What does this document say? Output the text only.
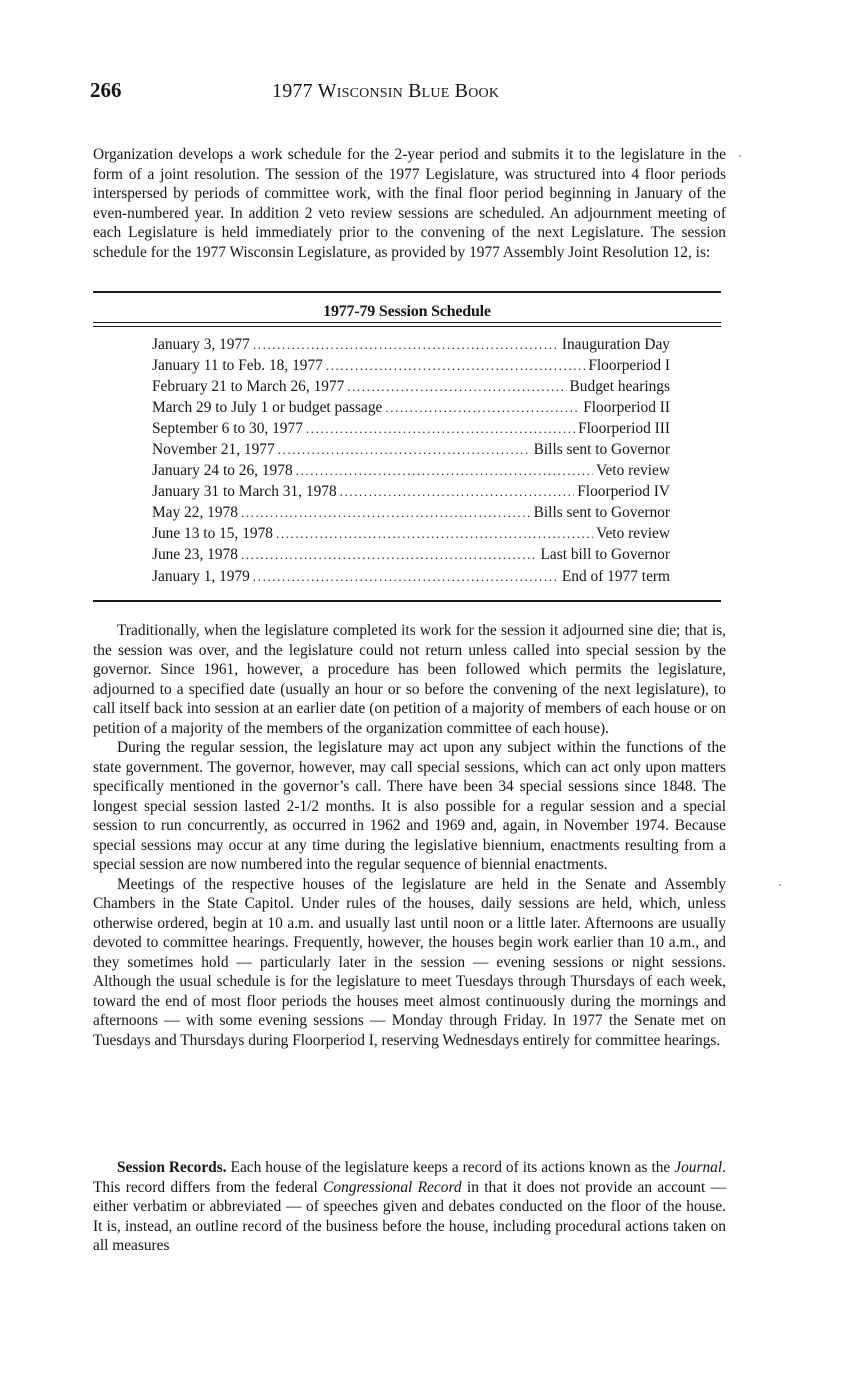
266	1977 Wisconsin Blue Book

Organization develops a work schedule for the 2-year period and submits it to the legislature in the form of a joint resolution. The session of the 1977 Legislature, was structured into 4 floor periods interspersed by periods of committee work, with the final floor period beginning in January of the even-numbered year. In addition 2 veto review sessions are scheduled. An adjournment meeting of each Legislature is held immediately prior to the convening of the next Legislature. The session schedule for the 1977 Wisconsin Legislature, as provided by 1977 Assembly Joint Resolution 12, is:

1977-79 Session Schedule
January 3, 1977 .....	Inauguration Day
January 11 to Feb. 18, 1977 .....	Floorperiod I
February 21 to March 26, 1977 .....	Budget hearings
March 29 to July 1 or budget passage .....	Floorperiod II
September 6 to 30, 1977 .....	Floorperiod III
November 21, 1977 .....	Bills sent to Governor
January 24 to 26, 1978 .....	Veto review
January 31 to March 31, 1978 .....	Floorperiod IV
May 22, 1978 .....	Bills sent to Governor
June 13 to 15, 1978 .....	Veto review
June 23, 1978 .....	Last bill to Governor
January 1, 1979 .....	End of 1977 term

Traditionally, when the legislature completed its work for the session it adjourned sine die; that is, the session was over, and the legislature could not return unless called into special session by the governor. Since 1961, however, a procedure has been followed which permits the legislature, adjourned to a specified date (usually an hour or so before the convening of the next legislature), to call itself back into session at an earlier date (on petition of a majority of members of each house or on petition of a majority of the members of the organization committee of each house).

During the regular session, the legislature may act upon any subject within the functions of the state government. The governor, however, may call special sessions, which can act only upon matters specifically mentioned in the governor’s call. There have been 34 special sessions since 1848. The longest special session lasted 2-1/2 months. It is also possible for a regular session and a special session to run concurrently, as occurred in 1962 and 1969 and, again, in November 1974. Because special sessions may occur at any time during the legislative biennium, enactments resulting from a special session are now numbered into the regular sequence of biennial enactments.

Meetings of the respective houses of the legislature are held in the Senate and Assembly Chambers in the State Capitol. Under rules of the houses, daily sessions are held, which, unless otherwise ordered, begin at 10 a.m. and usually last until noon or a little later. Afternoons are usually devoted to committee hearings. Frequently, however, the houses begin work earlier than 10 a.m., and they sometimes hold — particularly later in the session — evening sessions or night sessions. Although the usual schedule is for the legislature to meet Tuesdays through Thursdays of each week, toward the end of most floor periods the houses meet almost continuously during the mornings and afternoons — with some evening sessions — Monday through Friday. In 1977 the Senate met on Tuesdays and Thursdays during Floorperiod I, reserving Wednesdays entirely for committee hearings.

Session Records. Each house of the legislature keeps a record of its actions known as the Journal. This record differs from the federal Congressional Record in that it does not provide an account — either verbatim or abbreviated — of speeches given and debates conducted on the floor of the house. It is, instead, an outline record of the business before the house, including procedural actions taken on all measures
